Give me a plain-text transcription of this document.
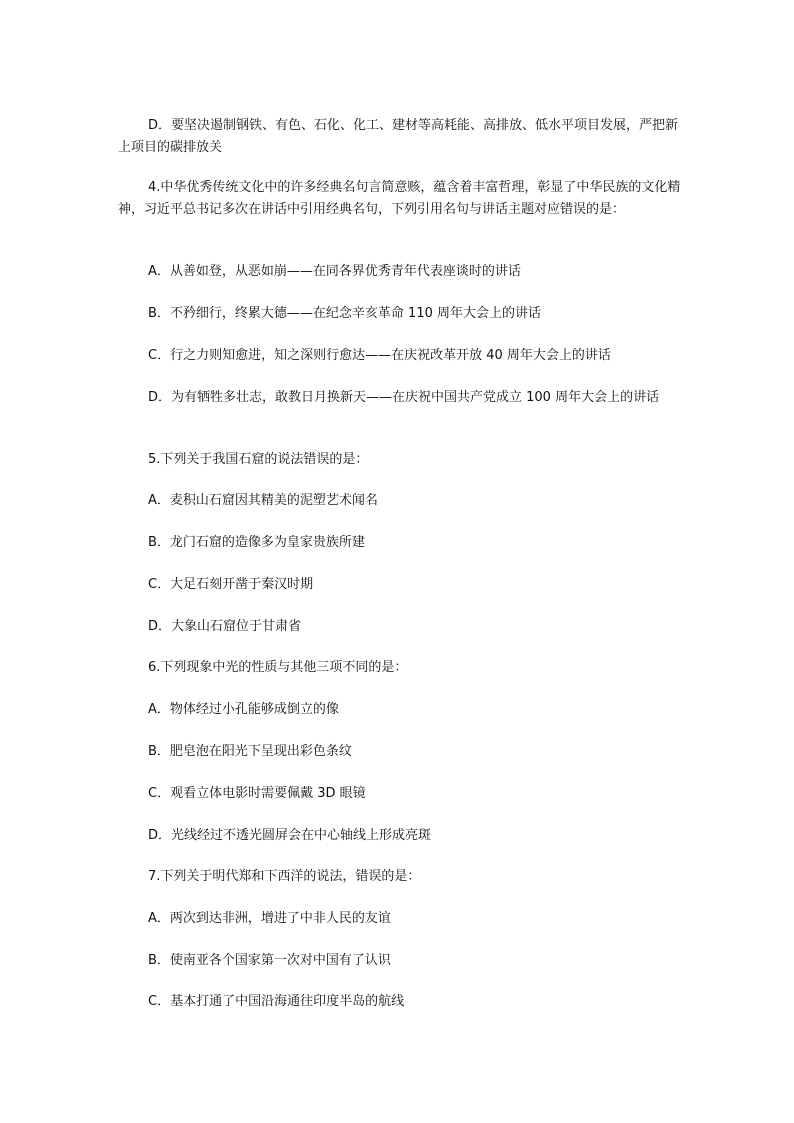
D．要坚决遏制钢铁、有色、石化、化工、建材等高耗能、高排放、低水平项目发展，严把新上项目的碳排放关
4.中华优秀传统文化中的许多经典名句言简意赅，蕴含着丰富哲理，彰显了中华民族的文化精神，习近平总书记多次在讲话中引用经典名句，下列引用名句与讲话主题对应错误的是：
A．从善如登，从恶如崩——在同各界优秀青年代表座谈时的讲话
B．不矜细行，终累大德——在纪念辛亥革命 110 周年大会上的讲话
C．行之力则知愈进，知之深则行愈达——在庆祝改革开放 40 周年大会上的讲话
D．为有牺牲多壮志，敢教日月换新天——在庆祝中国共产党成立 100 周年大会上的讲话
5.下列关于我国石窟的说法错误的是：
A．麦积山石窟因其精美的泥塑艺术闻名
B．龙门石窟的造像多为皇家贵族所建
C．大足石刻开凿于秦汉时期
D．大象山石窟位于甘肃省
6.下列现象中光的性质与其他三项不同的是：
A．物体经过小孔能够成倒立的像
B．肥皂泡在阳光下呈现出彩色条纹
C．观看立体电影时需要佩戴 3D 眼镜
D．光线经过不透光圆屏会在中心轴线上形成亮斑
7.下列关于明代郑和下西洋的说法，错误的是：
A．两次到达非洲，增进了中非人民的友谊
B．使南亚各个国家第一次对中国有了认识
C．基本打通了中国沿海通往印度半岛的航线
